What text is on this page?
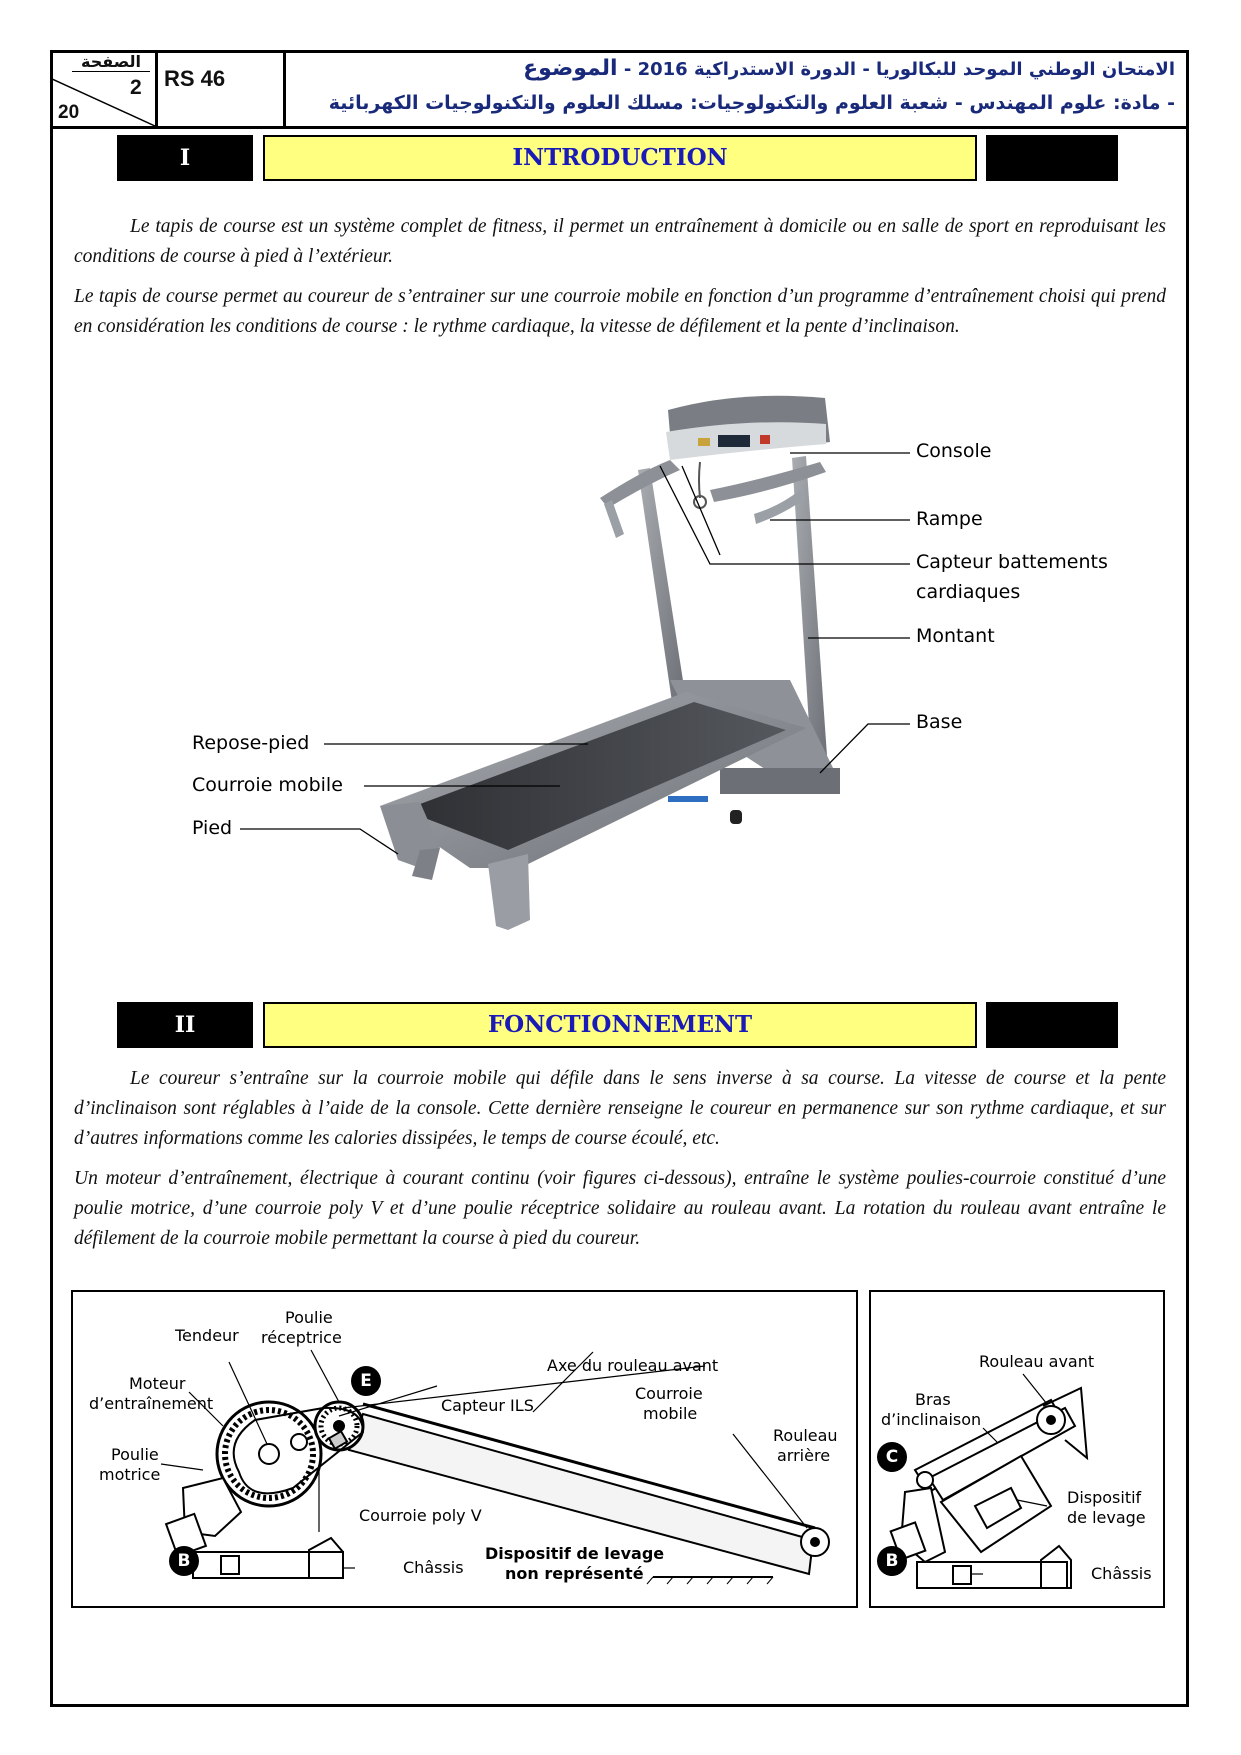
الصفحة
2
20
RS 46	الامتحان الوطني الموحد للبكالوريا - الدورة الاستدراكية 2016 - الموضوع
- مادة: علوم المهندس - شعبة العلوم والتكنولوجيات: مسلك العلوم والتكنولوجيات الكهربائية
I	INTRODUCTION
Le tapis de course est un système complet de fitness, il permet un entraînement à domicile ou en salle de sport en reproduisant les conditions de course à pied à l’extérieur.
Le tapis de course permet au coureur de s’entrainer sur une courroie mobile en fonction d’un programme d’entraînement choisi qui prend en considération les conditions de course : le rythme cardiaque, la vitesse de défilement et la pente d’inclinaison.
Console
Rampe
Capteur battements
cardiaques
Montant
Base
Repose-pied
Courroie mobile
Pied
II	FONCTIONNEMENT
Le coureur s’entraîne sur la courroie mobile qui défile dans le sens inverse à sa course. La vitesse de course et la pente d’inclinaison sont réglables à l’aide de la console. Cette dernière renseigne le coureur en permanence sur son rythme cardiaque, et sur d’autres informations comme les calories dissipées, le temps de course écoulé, etc.
Un moteur d’entraînement, électrique à courant continu (voir figures ci-dessous), entraîne le système poulies-courroie constitué d’une poulie motrice, d’une courroie poly V et d’une poulie réceptrice solidaire au rouleau avant. La rotation du rouleau avant entraîne le défilement de la courroie mobile permettant la course à pied du coureur.
Tendeur
Poulie
réceptrice
Moteur
d’entraînement
Poulie
motrice
Axe du rouleau avant
Capteur ILS
Courroie
mobile
Rouleau
arrière
Courroie poly V
Dispositif de levage
non représenté
Châssis
E
B
Rouleau avant
Bras
d’inclinaison
Dispositif
de levage
Châssis
C
B
